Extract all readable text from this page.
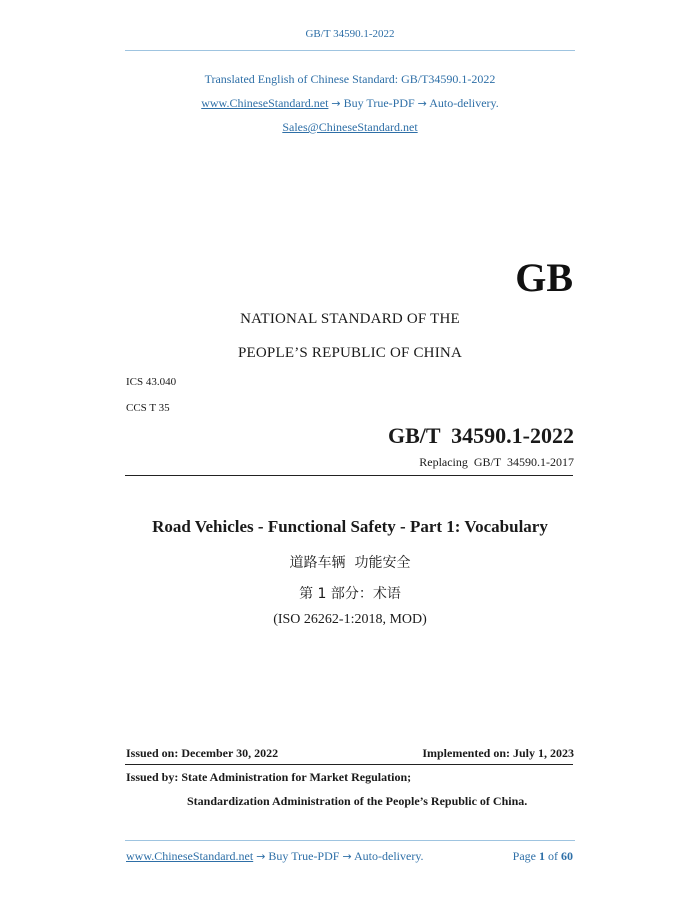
GB/T 34590.1-2022
Translated English of Chinese Standard: GB/T34590.1-2022
www.ChineseStandard.net → Buy True-PDF → Auto-delivery.
Sales@ChineseStandard.net
GB
NATIONAL STANDARD OF THE
PEOPLE’S REPUBLIC OF CHINA
ICS 43.040
CCS T 35
GB/T  34590.1-2022
Replacing  GB/T  34590.1-2017
Road Vehicles - Functional Safety - Part 1: Vocabulary
道路车辆  功能安全
第 1 部分：术语
(ISO 26262-1:2018, MOD)
Issued on: December 30, 2022	Implemented on: July 1, 2023
Issued by: State Administration for Market Regulation;
Standardization Administration of the People’s Republic of China.
www.ChineseStandard.net → Buy True-PDF → Auto-delivery.	Page 1 of 60
